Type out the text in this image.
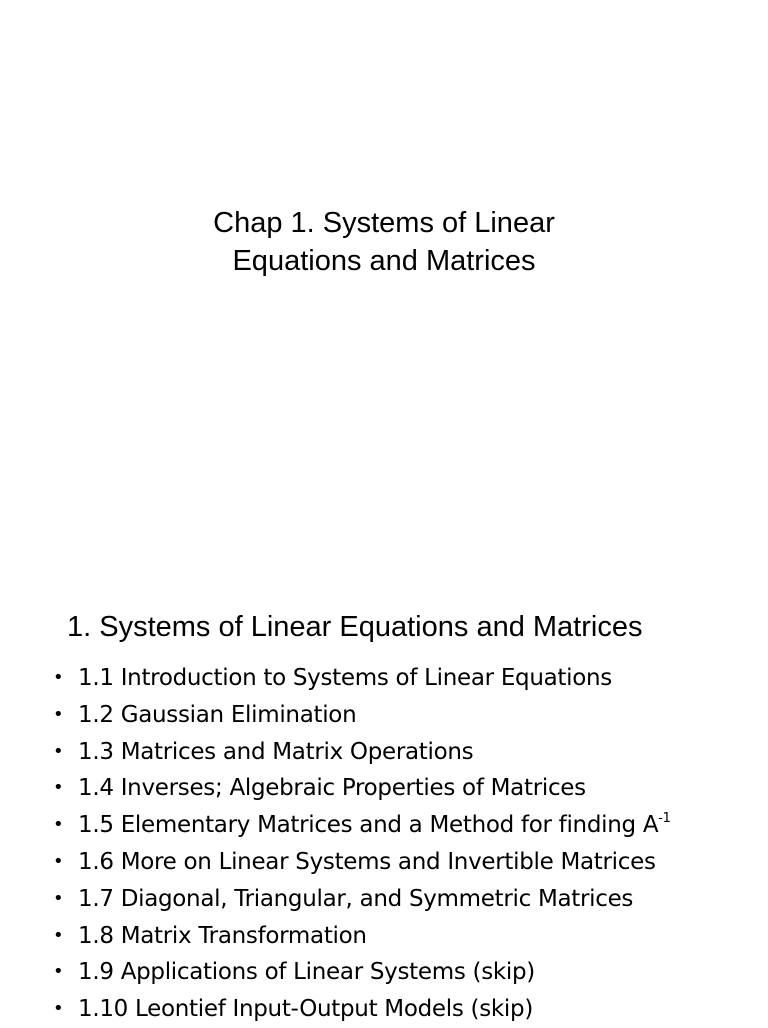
Chap 1. Systems of Linear
Equations and Matrices
1. Systems of Linear Equations and Matrices
• 1.1 Introduction to Systems of Linear Equations
• 1.2 Gaussian Elimination
• 1.3 Matrices and Matrix Operations
• 1.4 Inverses; Algebraic Properties of Matrices
• 1.5 Elementary Matrices and a Method for finding $A^{-1}$
• 1.6 More on Linear Systems and Invertible Matrices
• 1.7 Diagonal, Triangular, and Symmetric Matrices
• 1.8 Matrix Transformation
• 1.9 Applications of Linear Systems (skip)
• 1.10 Leontief Input-Output Models (skip)
